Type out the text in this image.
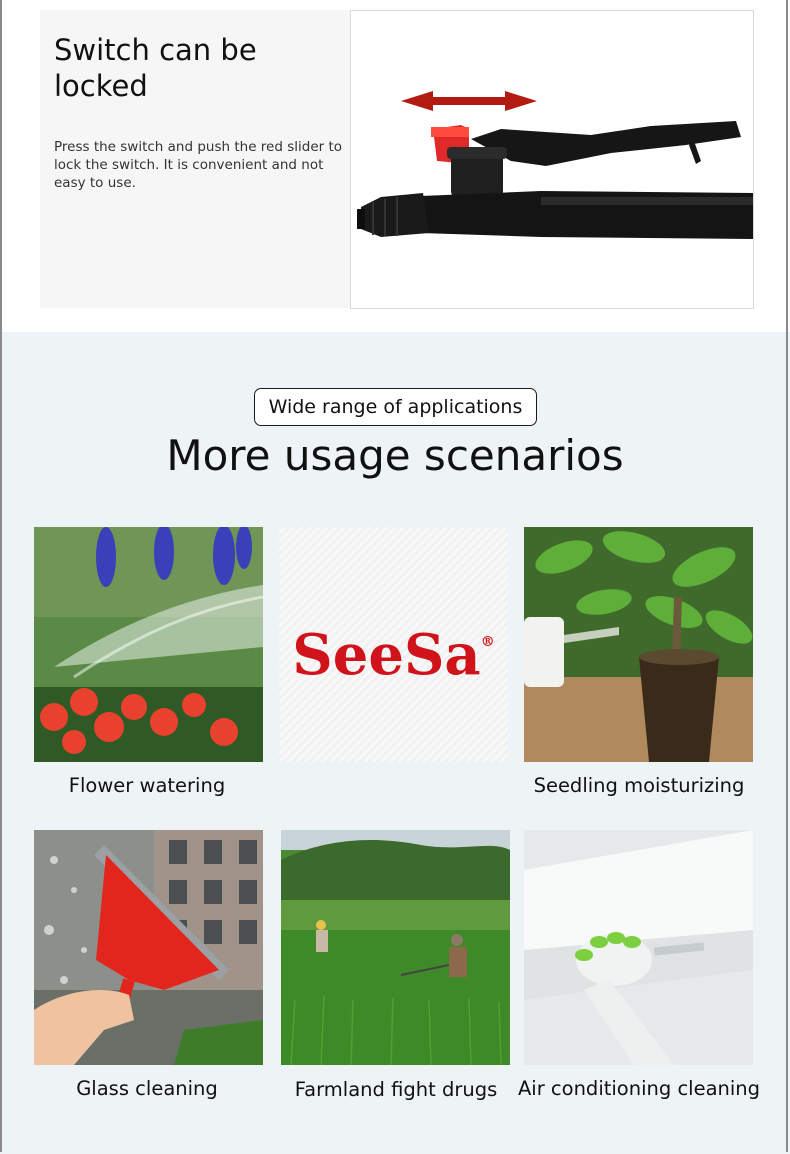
Switch can be locked

Press the switch and push the red slider to lock the switch. It is convenient and not easy to use.

Wide range of applications
More usage scenarios
Flower watering
SeeSa®
Seedling moisturizing
Glass cleaning	Farmland fight drugs	Air conditioning cleaning
